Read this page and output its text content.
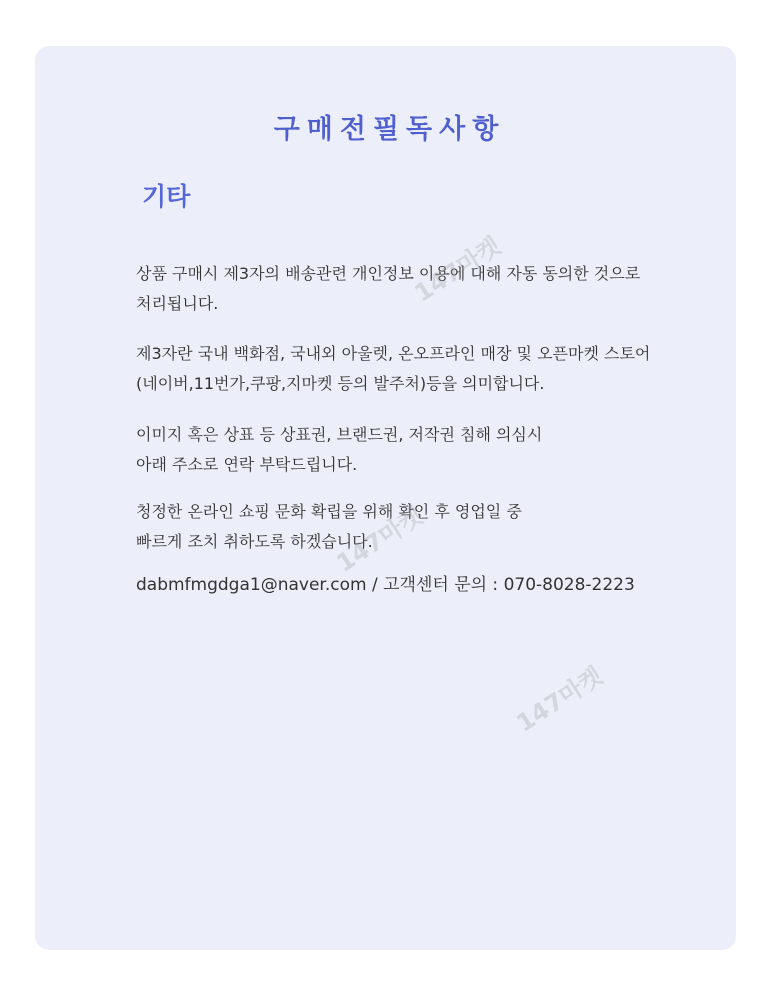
구매전필독사항
기타

상품 구매시 제3자의 배송관련 개인정보 이용에 대해 자동 동의한 것으로
처리됩니다.

제3자란 국내 백화점, 국내외 아울렛, 온오프라인 매장 및 오픈마켓 스토어
(네이버,11번가,쿠팡,지마켓 등의 발주처)등을 의미합니다.

이미지 혹은 상표 등 상표권, 브랜드권, 저작권 침해 의심시
아래 주소로 연락 부탁드립니다.

청정한 온라인 쇼핑 문화 확립을 위해 확인 후 영업일 중
빠르게 조치 취하도록 하겠습니다.

dabmfmgdga1@naver.com / 고객센터 문의 : 070-8028-2223

147마켓
147마켓
147마켓
